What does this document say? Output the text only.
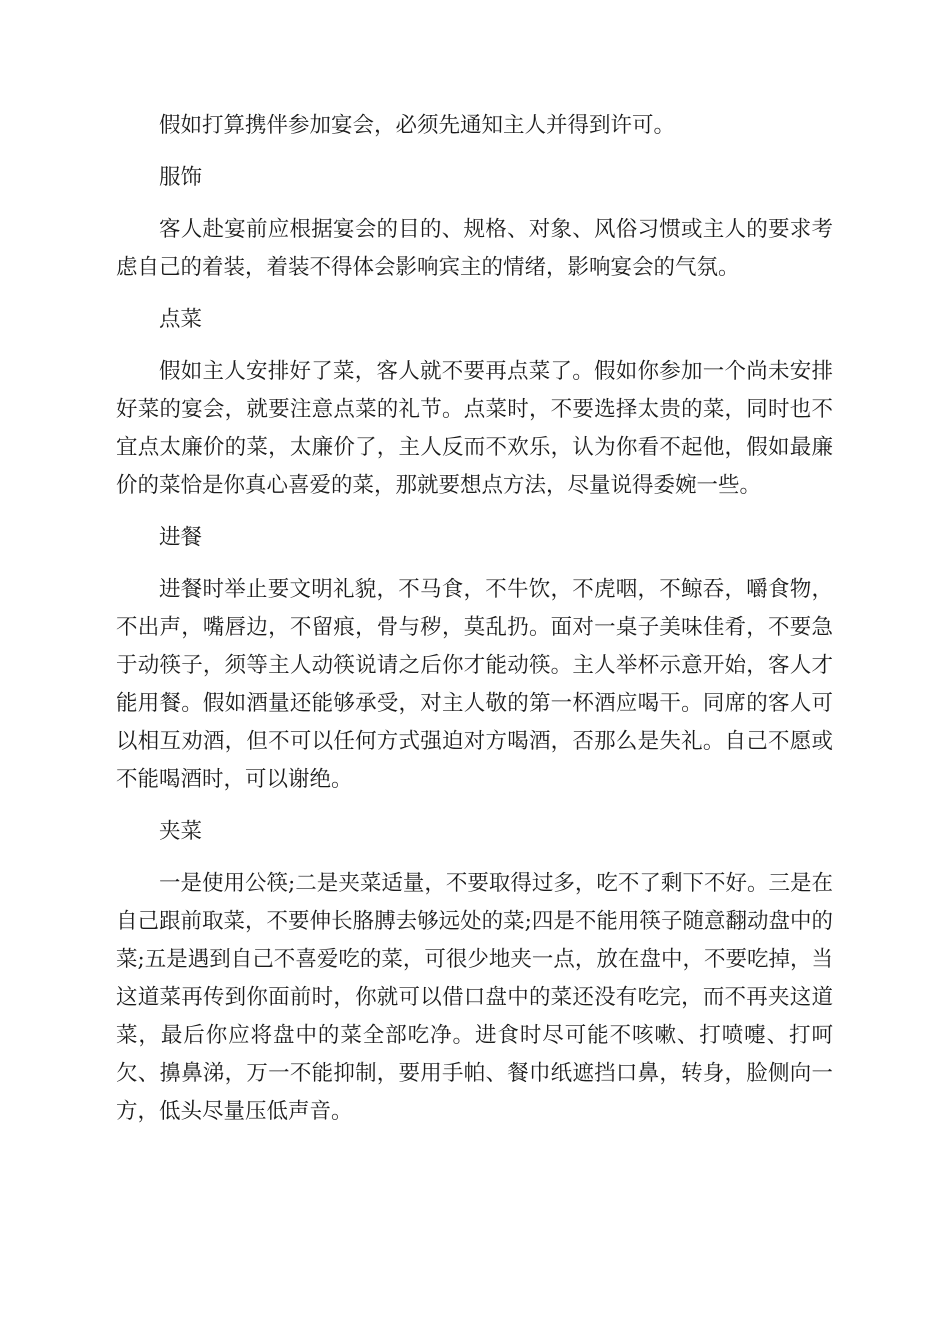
假如打算携伴参加宴会，必须先通知主人并得到许可。

服饰

客人赴宴前应根据宴会的目的、规格、对象、风俗习惯或主人的要求考虑自己的着装，着装不得体会影响宾主的情绪，影响宴会的气氛。

点菜

假如主人安排好了菜，客人就不要再点菜了。假如你参加一个尚未安排好菜的宴会，就要注意点菜的礼节。点菜时，不要选择太贵的菜，同时也不宜点太廉价的菜，太廉价了，主人反而不欢乐，认为你看不起他，假如最廉价的菜恰是你真心喜爱的菜，那就要想点方法，尽量说得委婉一些。

进餐

进餐时举止要文明礼貌，不马食，不牛饮，不虎咽，不鲸吞，嚼食物，不出声，嘴唇边，不留痕，骨与秽，莫乱扔。面对一桌子美味佳肴，不要急于动筷子，须等主人动筷说请之后你才能动筷。主人举杯示意开始，客人才能用餐。假如酒量还能够承受，对主人敬的第一杯酒应喝干。同席的客人可以相互劝酒，但不可以任何方式强迫对方喝酒，否那么是失礼。自己不愿或不能喝酒时，可以谢绝。

夹菜

一是使用公筷;二是夹菜适量，不要取得过多，吃不了剩下不好。三是在自己跟前取菜，不要伸长胳膊去够远处的菜;四是不能用筷子随意翻动盘中的菜;五是遇到自己不喜爱吃的菜，可很少地夹一点，放在盘中，不要吃掉，当这道菜再传到你面前时，你就可以借口盘中的菜还没有吃完，而不再夹这道菜，最后你应将盘中的菜全部吃净。进食时尽可能不咳嗽、打喷嚏、打呵欠、擤鼻涕，万一不能抑制，要用手帕、餐巾纸遮挡口鼻，转身，脸侧向一方，低头尽量压低声音。
